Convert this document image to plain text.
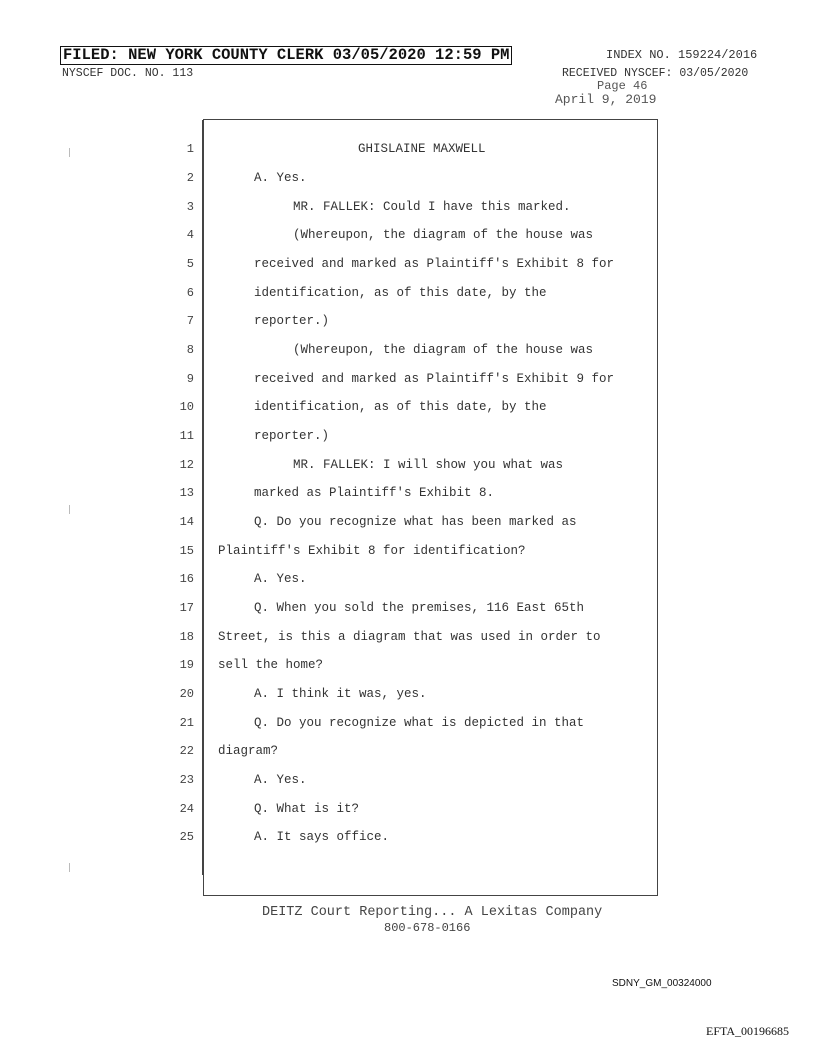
FILED: NEW YORK COUNTY CLERK 03/05/2020 12:59 PM	INDEX NO. 159224/2016
NYSCEF DOC. NO. 113	RECEIVED NYSCEF: 03/05/2020
Page 46
April 9, 2019
1	GHISLAINE MAXWELL
2	A. Yes.
3	MR. FALLEK: Could I have this marked.
4	(Whereupon, the diagram of the house was
5	received and marked as Plaintiff's Exhibit 8 for
6	identification, as of this date, by the
7	reporter.)
8	(Whereupon, the diagram of the house was
9	received and marked as Plaintiff's Exhibit 9 for
10	identification, as of this date, by the
11	reporter.)
12	MR. FALLEK: I will show you what was
13	marked as Plaintiff's Exhibit 8.
14	Q. Do you recognize what has been marked as
15 Plaintiff's Exhibit 8 for identification?
16	A. Yes.
17	Q. When you sold the premises, 116 East 65th
18 Street, is this a diagram that was used in order to
19 sell the home?
20	A. I think it was, yes.
21	Q. Do you recognize what is depicted in that
22 diagram?
23	A. Yes.
24	Q. What is it?
25	A. It says office.
DEITZ Court Reporting... A Lexitas Company
800-678-0166
SDNY_GM_00324000
EFTA_00196685
